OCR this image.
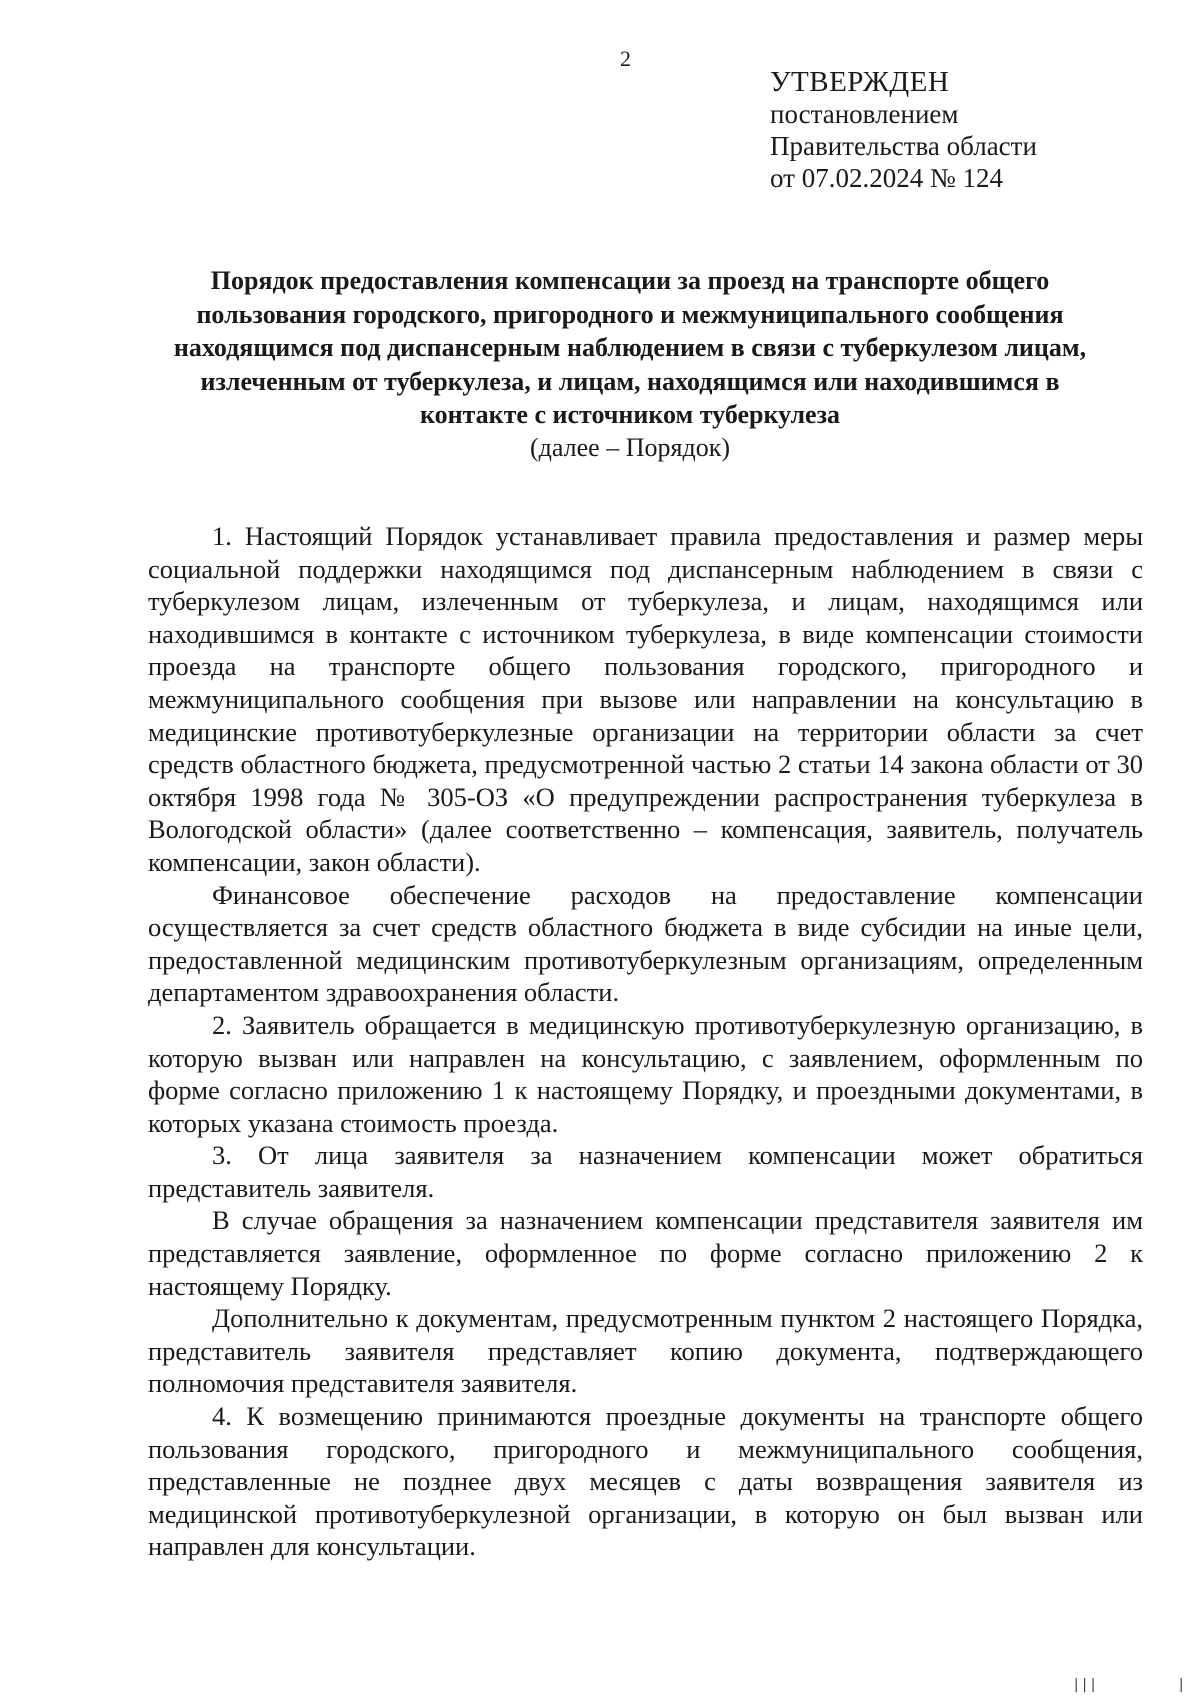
2
УТВЕРЖДЕН
постановлением
Правительства области
от 07.02.2024 № 124
Порядок предоставления компенсации за проезд на транспорте общего пользования городского, пригородного и межмуниципального сообщения находящимся под диспансерным наблюдением в связи с туберкулезом лицам, излеченным от туберкулеза, и лицам, находящимся или находившимся в контакте с источником туберкулеза
(далее – Порядок)

1. Настоящий Порядок устанавливает правила предоставления и размер меры социальной поддержки находящимся под диспансерным наблюдением в связи с туберкулезом лицам, излеченным от туберкулеза, и лицам, находящимся или находившимся в контакте с источником туберкулеза, в виде компенсации стоимости проезда на транспорте общего пользования городского, пригородного и межмуниципального сообщения при вызове или направлении на консультацию в медицинские противотуберкулезные организации на территории области за счет средств областного бюджета, предусмотренной частью 2 статьи 14 закона области от 30 октября 1998 года № 305-ОЗ «О предупреждении распространения туберкулеза в Вологодской области» (далее соответственно – компенсация, заявитель, получатель компенсации, закон области).

Финансовое обеспечение расходов на предоставление компенсации осуществляется за счет средств областного бюджета в виде субсидии на иные цели, предоставленной медицинским противотуберкулезным организациям, определенным департаментом здравоохранения области.

2. Заявитель обращается в медицинскую противотуберкулезную организацию, в которую вызван или направлен на консультацию, с заявлением, оформленным по форме согласно приложению 1 к настоящему Порядку, и проездными документами, в которых указана стоимость проезда.

3. От лица заявителя за назначением компенсации может обратиться представитель заявителя.

В случае обращения за назначением компенсации представителя заявителя им представляется заявление, оформленное по форме согласно приложению 2 к настоящему Порядку.

Дополнительно к документам, предусмотренным пунктом 2 настоящего Порядка, представитель заявителя представляет копию документа, подтверждающего полномочия представителя заявителя.

4. К возмещению принимаются проездные документы на транспорте общего пользования городского, пригородного и межмуниципального сообщения, представленные не позднее двух месяцев с даты возвращения заявителя из медицинской противотуберкулезной организации, в которую он был вызван или направлен для консультации.

|||	|
